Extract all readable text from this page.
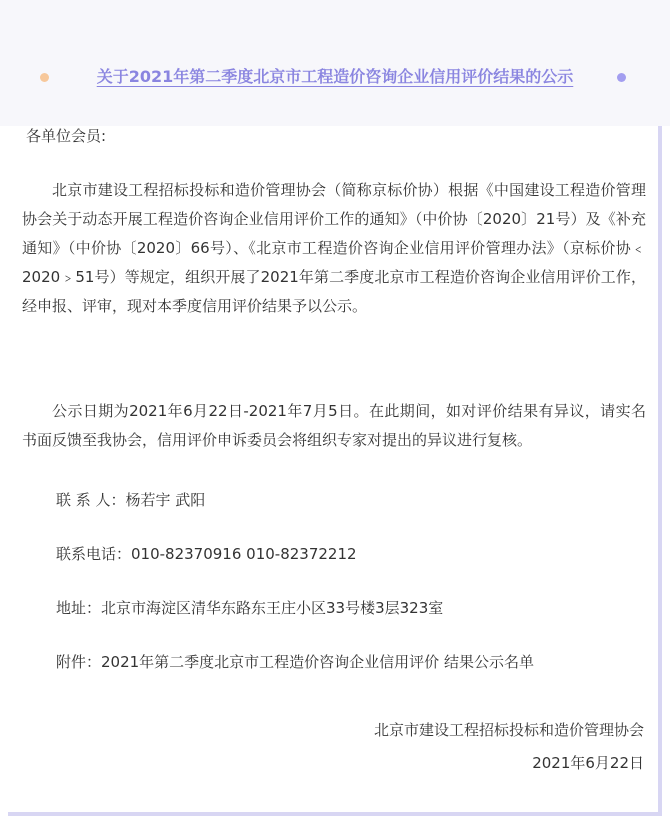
关于2021年第二季度北京市工程造价咨询企业信用评价结果的公示
各单位会员:
北京市建设工程招标投标和造价管理协会（简称京标价协）根据《中国建设工程造价管理协会关于动态开展工程造价咨询企业信用评价工作的通知》（中价协〔2020〕21号）及《补充通知》（中价协〔2020〕66号）、《北京市工程造价咨询企业信用评价管理办法》（京标价协﹤2020﹥51号）等规定，组织开展了2021年第二季度北京市工程造价咨询企业信用评价工作，经申报、评审，现对本季度信用评价结果予以公示。
公示日期为2021年6月22日-2021年7月5日。在此期间，如对评价结果有异议，请实名书面反馈至我协会，信用评价申诉委员会将组织专家对提出的异议进行复核。
联 系 人：杨若宇 武阳
联系电话：010-82370916 010-82372212
地址：北京市海淀区清华东路东王庄小区33号楼3层323室
附件：2021年第二季度北京市工程造价咨询企业信用评价 结果公示名单
北京市建设工程招标投标和造价管理协会
2021年6月22日
